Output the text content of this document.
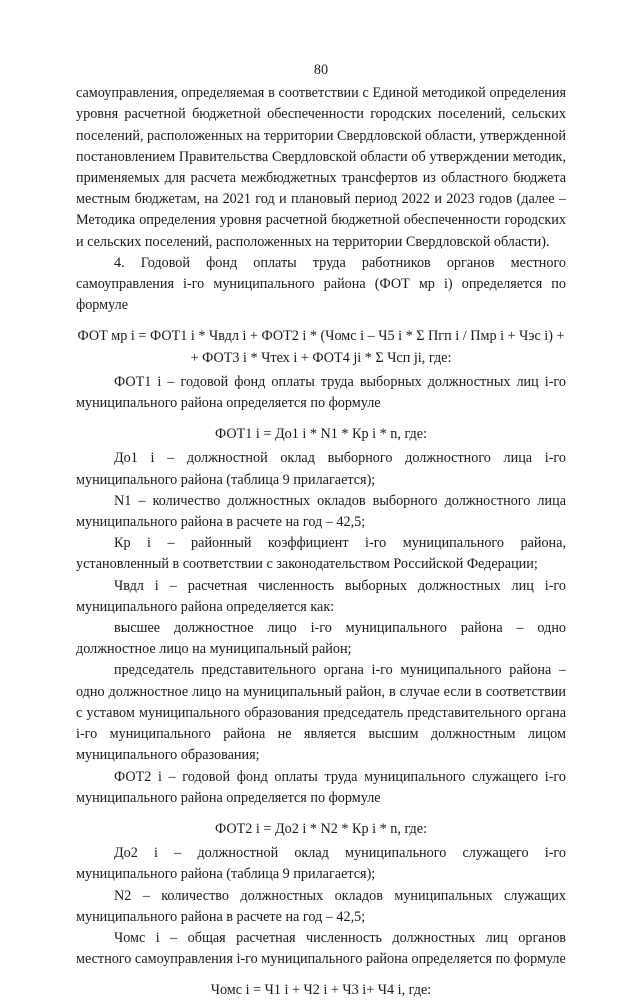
80

самоуправления, определяемая в соответствии с Единой методикой определения уровня расчетной бюджетной обеспеченности городских поселений, сельских поселений, расположенных на территории Свердловской области, утвержденной постановлением Правительства Свердловской области об утверждении методик, применяемых для расчета межбюджетных трансфертов из областного бюджета местным бюджетам, на 2021 год и плановый период 2022 и 2023 годов (далее – Методика определения уровня расчетной бюджетной обеспеченности городских и сельских поселений, расположенных на территории Свердловской области).

4. Годовой фонд оплаты труда работников органов местного самоуправления i-го муниципального района (ФОТ мр i) определяется по формуле

ФОТ мр i = ФОТ1 i * Чвдл i + ФОТ2 i * (Чомс i – Ч5 i * Σ Пгп i / Пмр i + Чэс i) +
+ ФОТ3 i * Чтех i + ФОТ4 ji * Σ Чсп ji, где:

ФОТ1 i – годовой фонд оплаты труда выборных должностных лиц i-го муниципального района определяется по формуле

ФОТ1 i = До1 i * N1 * Кр i * n, где:

До1 i – должностной оклад выборного должностного лица i-го муниципального района (таблица 9 прилагается);

N1 – количество должностных окладов выборного должностного лица муниципального района в расчете на год – 42,5;

Кр i – районный коэффициент i-го муниципального района, установленный в соответствии с законодательством Российской Федерации;

Чвдл i – расчетная численность выборных должностных лиц i-го муниципального района определяется как:

высшее должностное лицо i-го муниципального района – одно должностное лицо на муниципальный район;

председатель представительного органа i-го муниципального района – одно должностное лицо на муниципальный район, в случае если в соответствии с уставом муниципального образования председатель представительного органа i-го муниципального района не является высшим должностным лицом муниципального образования;

ФОТ2 i – годовой фонд оплаты труда муниципального служащего i-го муниципального района определяется по формуле

ФОТ2 i = До2 i * N2 * Кр i * n, где:

До2 i – должностной оклад муниципального служащего i-го муниципального района (таблица 9 прилагается);

N2 – количество должностных окладов муниципальных служащих муниципального района в расчете на год – 42,5;

Чомс i – общая расчетная численность должностных лиц органов местного самоуправления i-го муниципального района определяется по формуле

Чомс i = Ч1 i + Ч2 i + Ч3 i+ Ч4 i, где:
